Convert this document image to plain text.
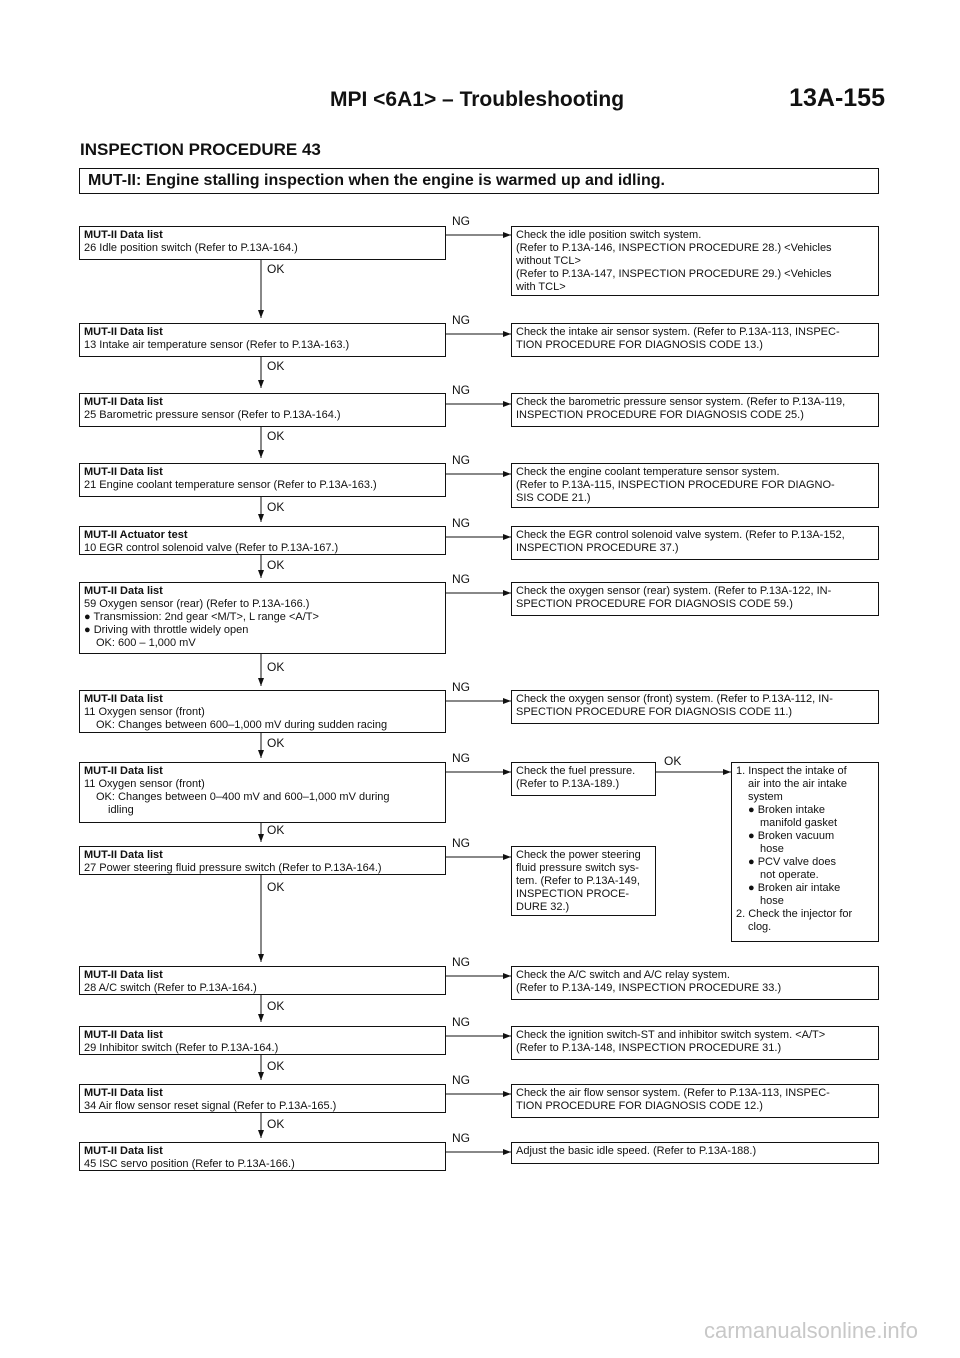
MPI <6A1> – Troubleshooting	13A-155
INSPECTION PROCEDURE 43
MUT-II: Engine stalling inspection when the engine is warmed up and idling.
MUT-II Data list
26 Idle position switch (Refer to P.13A-164.)
MUT-II Data list
13 Intake air temperature sensor (Refer to P.13A-163.)
MUT-II Data list
25 Barometric pressure sensor (Refer to P.13A-164.)
MUT-II Data list
21 Engine coolant temperature sensor (Refer to P.13A-163.)
MUT-II Actuator test
10 EGR control solenoid valve (Refer to P.13A-167.)
MUT-II Data list
59 Oxygen sensor (rear) (Refer to P.13A-166.)
● Transmission: 2nd gear <M/T>, L range <A/T>
● Driving with throttle widely open
OK: 600 – 1,000 mV
MUT-II Data list
11 Oxygen sensor (front)
OK: Changes between 600–1,000 mV during sudden racing
MUT-II Data list
11 Oxygen sensor (front)
OK: Changes between 0–400 mV and 600–1,000 mV during
idling
MUT-II Data list
27 Power steering fluid pressure switch (Refer to P.13A-164.)
MUT-II Data list
28 A/C switch (Refer to P.13A-164.)
MUT-II Data list
29 Inhibitor switch (Refer to P.13A-164.)
MUT-II Data list
34 Air flow sensor reset signal (Refer to P.13A-165.)
MUT-II Data list
45 ISC servo position (Refer to P.13A-166.)
Check the idle position switch system.
(Refer to P.13A-146, INSPECTION PROCEDURE 28.) <Vehicles
without TCL>
(Refer to P.13A-147, INSPECTION PROCEDURE 29.) <Vehicles
with TCL>
Check the intake air sensor system. (Refer to P.13A-113, INSPEC-
TION PROCEDURE FOR DIAGNOSIS CODE 13.)
Check the barometric pressure sensor system. (Refer to P.13A-119,
INSPECTION PROCEDURE FOR DIAGNOSIS CODE 25.)
Check the engine coolant temperature sensor system.
(Refer to P.13A-115, INSPECTION PROCEDURE FOR DIAGNO-
SIS CODE 21.)
Check the EGR control solenoid valve system. (Refer to P.13A-152,
INSPECTION PROCEDURE 37.)
Check the oxygen sensor (rear) system. (Refer to P.13A-122, IN-
SPECTION PROCEDURE FOR DIAGNOSIS CODE 59.)
Check the oxygen sensor (front) system. (Refer to P.13A-112, IN-
SPECTION PROCEDURE FOR DIAGNOSIS CODE 11.)
Check the fuel pressure.
(Refer to P.13A-189.)
Check the power steering
fluid pressure switch sys-
tem. (Refer to P.13A-149,
INSPECTION PROCE-
DURE 32.)
1. Inspect the intake of
air into the air intake
system
● Broken intake
manifold gasket
● Broken vacuum
hose
● PCV valve does
not operate.
● Broken air intake
hose
2. Check the injector for
clog.
Check the A/C switch and A/C relay system.
(Refer to P.13A-149, INSPECTION PROCEDURE 33.)
Check the ignition switch-ST and inhibitor switch system. <A/T>
(Refer to P.13A-148, INSPECTION PROCEDURE 31.)
Check the air flow sensor system. (Refer to P.13A-113, INSPEC-
TION PROCEDURE FOR DIAGNOSIS CODE 12.)
Adjust the basic idle speed. (Refer to P.13A-188.)
OK
OK
OK
OK
OK
OK
OK
OK
OK
OK
OK
OK
OK
NG
NG
NG
NG
NG
NG
NG
NG
NG
NG
NG
NG
NG
carmanualsonline.info
